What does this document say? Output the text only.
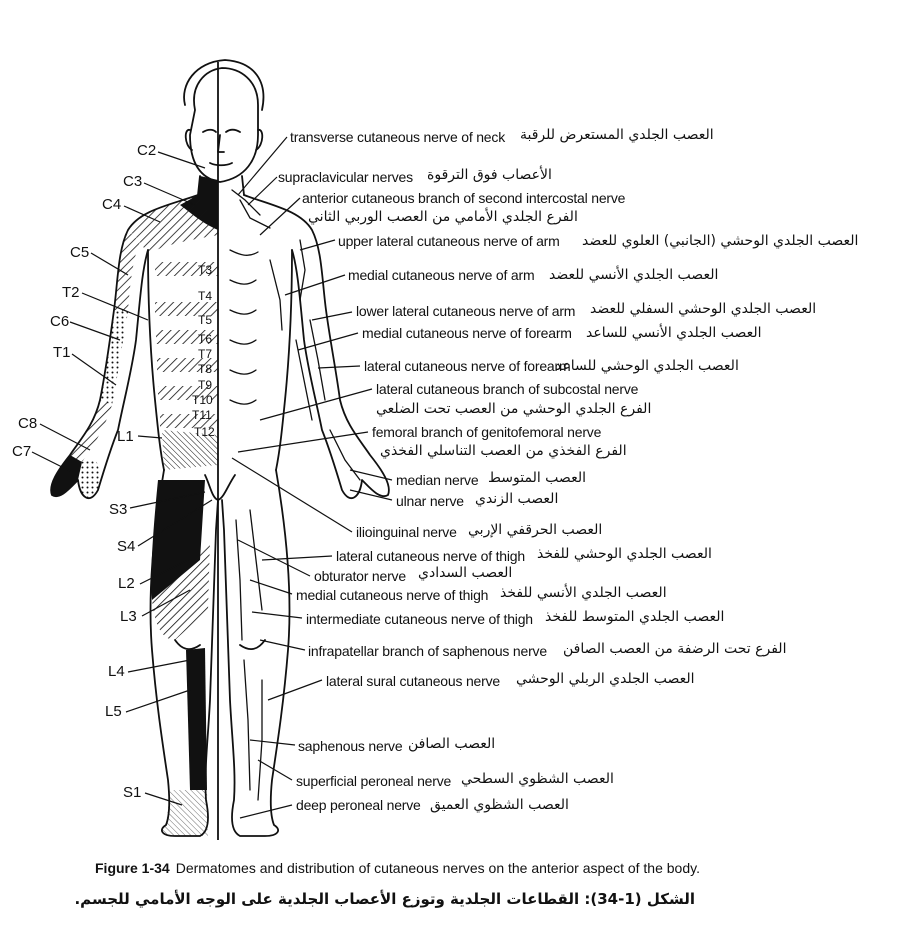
C2
C3
C4
C5
T2
C6
T1
C8
C7
L1
S3
S4
L2
L3
L4
L5
S1
T3
T4
T5
T6
T7
T8
T9
T10
T11
T12
transverse cutaneous nerve of neck العصب الجلدي المستعرض للرقبة
supraclavicular nerves الأعصاب فوق الترقوة
anterior cutaneous branch of second intercostal nerve
الفرع الجلدي الأمامي من العصب الوربي الثاني
upper lateral cutaneous nerve of arm العصب الجلدي الوحشي (الجانبي) العلوي للعضد
medial cutaneous nerve of arm العصب الجلدي الأنسي للعضد
lower lateral cutaneous nerve of arm العصب الجلدي الوحشي السفلي للعضد
medial cutaneous nerve of forearm العصب الجلدي الأنسي للساعد
lateral cutaneous nerve of forearm
العصب الجلدي الوحشي للساعد
lateral cutaneous branch of subcostal nerve
الفرع الجلدي الوحشي من العصب تحت الضلعي
femoral branch of genitofemoral nerve
الفرع الفخذي من العصب التناسلي الفخذي
median nerve العصب المتوسط
ulnar nerve العصب الزندي
ilioinguinal nerve العصب الحرقفي الإربي
lateral cutaneous nerve of thigh العصب الجلدي الوحشي للفخذ
obturator nerve العصب السدادي
medial cutaneous nerve of thigh العصب الجلدي الأنسي للفخذ
intermediate cutaneous nerve of thigh العصب الجلدي المتوسط للفخذ
infrapatellar branch of saphenous nerve الفرع تحت الرضفة من العصب الصافن
lateral sural cutaneous nerve العصب الجلدي الربلي الوحشي
saphenous nerve العصب الصافن
superficial peroneal nerve العصب الشظوي السطحي
deep peroneal nerve العصب الشظوي العميق
Figure 1-34 Dermatomes and distribution of cutaneous nerves on the anterior aspect of the body.
الشكل (1-34): القطاعات الجلدية وتوزع الأعصاب الجلدية على الوجه الأمامي للجسم.
